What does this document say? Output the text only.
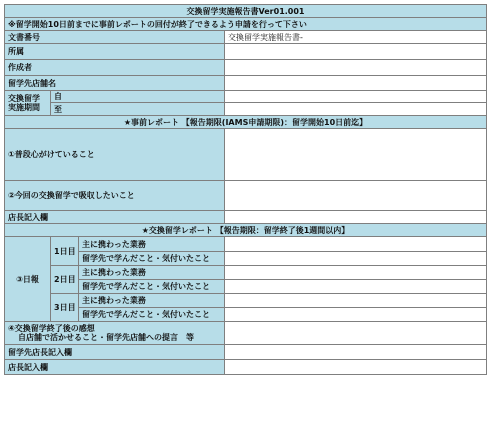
交換留学実施報告書Ver01.001			
※留学開始10日前までに事前レポートの回付が終了できるよう申請を行って下さい			
文書番号			交換留学実施報告書-
所属			
作成者			
留学先店舗名			

交換留学
実施期間	自		
	至		
★事前レポート 【報告期限(IAMS申請期限)：留学開始10日前迄】			
①普段心がけていること			
②今回の交換留学で吸収したいこと			
店長記入欄			
★交換留学レポート 【報告期限：留学終了後1週間以内】			
③日報	1日目	主に携わった業務	
		留学先で学んだこと・気付いたこと	
	2日目	主に携わった業務	
		留学先で学んだこと・気付いたこと	
	3日目	主に携わった業務	
		留学先で学んだこと・気付いたこと	

④交換留学終了後の感想
自店舗で活かせること・留学先店舗への提言　等			

留学先店長記入欄			
店長記入欄			
